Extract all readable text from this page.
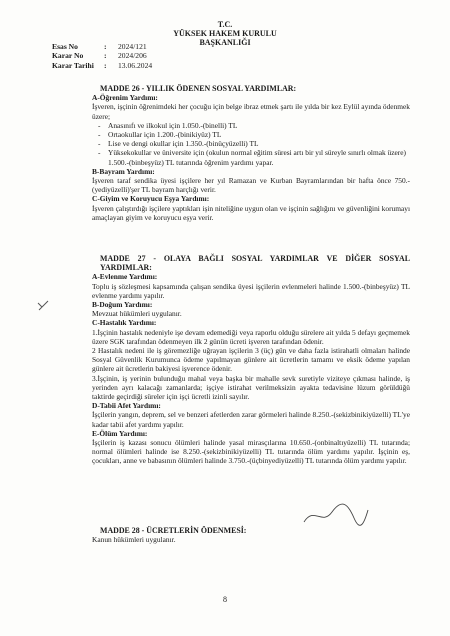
T.C.
YÜKSEK HAKEM KURULU
BAŞKANLIĞI
Esas No	:	2024/121
Karar No	:	2024/206
Karar Tarihi	:	13.06.2024
MADDE 26 - YILLIK ÖDENEN SOSYAL YARDIMLAR:
A-Öğrenim Yardımı:
İşveren, işçinin öğrenimdeki her çocuğu için belge ibraz etmek şartı ile yılda bir kez Eylül ayında ödenmek üzere;
- Anasınıfı ve ilkokul için 1.050.-(binelli) TL
- Ortaokullar için 1.200.-(binikiyüz) TL
- Lise ve dengi okullar için 1.350.-(binüçyüzelli) TL
- Yüksekokullar ve üniversite için (okulun normal eğitim süresi artı bir yıl süreyle sınırlı olmak üzere) 1.500.-(binbeşyüz) TL tutarında öğrenim yardımı yapar.
B-Bayram Yardımı:
İşveren taraf sendika üyesi işçilere her yıl Ramazan ve Kurban Bayramlarından bir hafta önce 750.-(yediyüzelli)'şer TL bayram harçlığı verir.
C-Giyim ve Koruyucu Eşya Yardımı:
İşveren çalıştırdığı işçilere yaptıkları işin niteliğine uygun olan ve işçinin sağlığını ve güvenliğini korumayı amaçlayan giyim ve koruyucu eşya verir.
MADDE 27 - OLAYA BAĞLI SOSYAL YARDIMLAR VE DİĞER SOSYAL YARDIMLAR:
A-Evlenme Yardımı:
Toplu iş sözleşmesi kapsamında çalışan sendika üyesi işçilerin evlenmeleri halinde 1.500.-(binbeşyüz) TL evlenme yardımı yapılır.
B-Doğum Yardımı:
Mevzuat hükümleri uygulanır.
C-Hastalık Yardımı:
1.İşçinin hastalık nedeniyle işe devam edemediği veya raporlu olduğu sürelere ait yılda 5 defayı geçmemek üzere SGK tarafından ödenmeyen ilk 2 günün ücreti işveren tarafından ödenir.
2 Hastalık nedeni ile iş göremezliğe uğrayan işçilerin 3 (üç) gün ve daha fazla istirahatli olmaları halinde Sosyal Güvenlik Kurumunca ödeme yapılmayan günlere ait ücretlerin tamamı ve eksik ödeme yapılan günlere ait ücretlerin bakiyesi işverence ödenir.
3.İşçinin, iş yerinin bulunduğu mahal veya başka bir mahalle sevk suretiyle viziteye çıkması halinde, iş yerinden ayrı kalacağı zamanlarda; işçiye istirahat verilmeksizin ayakta tedavisine lüzum görüldüğü taktirde geçirdiği süreler için işçi ücretli izinli sayılır.
D-Tabii Afet Yardımı:
İşçilerin yangın, deprem, sel ve benzeri afetlerden zarar görmeleri halinde 8.250.-(sekizbinikiyüzelli) TL'ye kadar tabii afet yardımı yapılır.
E-Ölüm Yardımı:
İşçilerin iş kazası sonucu ölümleri halinde yasal mirasçılarına 10.650.-(onbinaltıyüzelli) TL tutarında; normal ölümleri halinde ise 8.250.-(sekizbinikiyüzelli) TL tutarında ölüm yardımı yapılır. İşçinin eş, çocukları, anne ve babasının ölümleri halinde 3.750.-(üçbinyediyüzelli) TL tutarında ölüm yardımı yapılır.
MADDE 28 - ÜCRETLERİN ÖDENMESİ:
Kanun hükümleri uygulanır.
8
